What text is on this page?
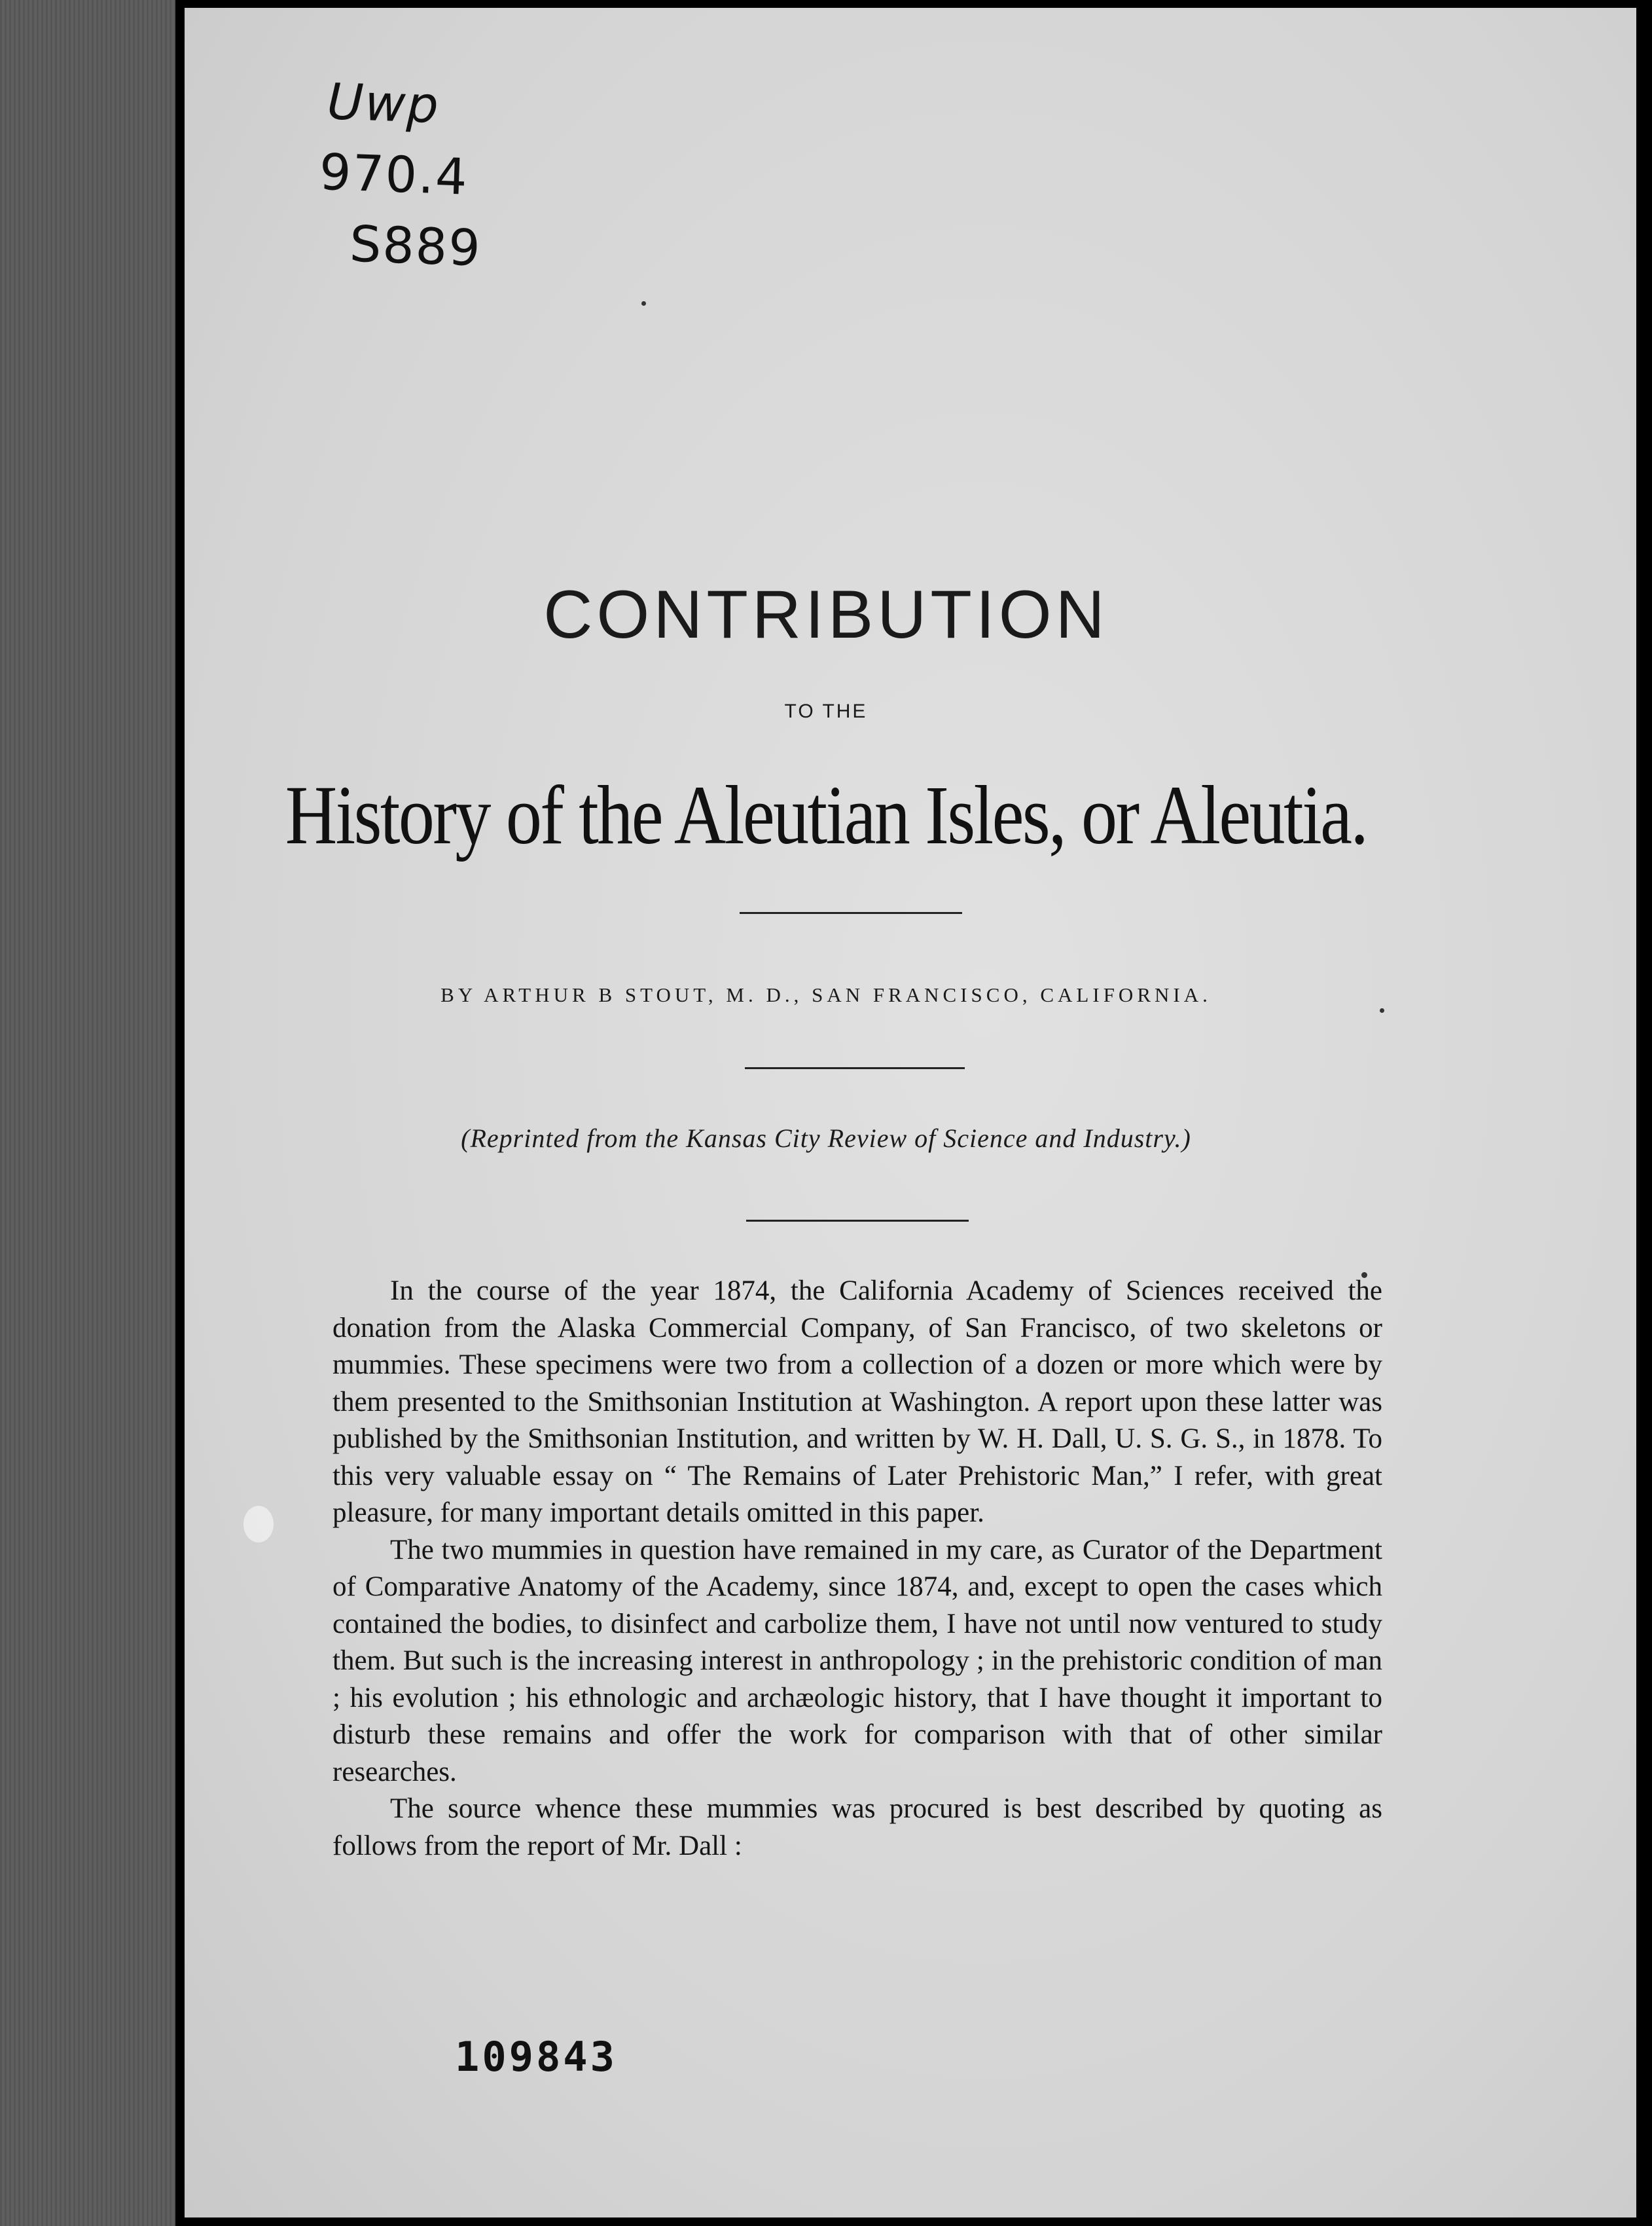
Uwp
970.4
S889
CONTRIBUTION
TO THE
History of the Aleutian Isles, or Aleutia.
BY ARTHUR B STOUT, M. D., SAN FRANCISCO, CALIFORNIA.
(Reprinted from the Kansas City Review of Science and Industry.)

In the course of the year 1874, the California Academy of Sciences received the donation from the Alaska Commercial Company, of San Francisco, of two skeletons or mummies. These specimens were two from a collection of a dozen or more which were by them presented to the Smithsonian Institution at Washington. A report upon these latter was published by the Smithsonian Institution, and written by W. H. Dall, U. S. G. S., in 1878. To this very valuable essay on “ The Remains of Later Prehistoric Man,” I refer, with great pleasure, for many important details omitted in this paper.

The two mummies in question have remained in my care, as Curator of the Department of Comparative Anatomy of the Academy, since 1874, and, except to open the cases which contained the bodies, to disinfect and carbolize them, I have not until now ventured to study them. But such is the increasing interest in anthropology ; in the prehistoric condition of man ; his evolution ; his ethnologic and archæologic history, that I have thought it important to disturb these remains and offer the work for comparison with that of other similar researches.

The source whence these mummies was procured is best described by quoting as follows from the report of Mr. Dall :

109843
